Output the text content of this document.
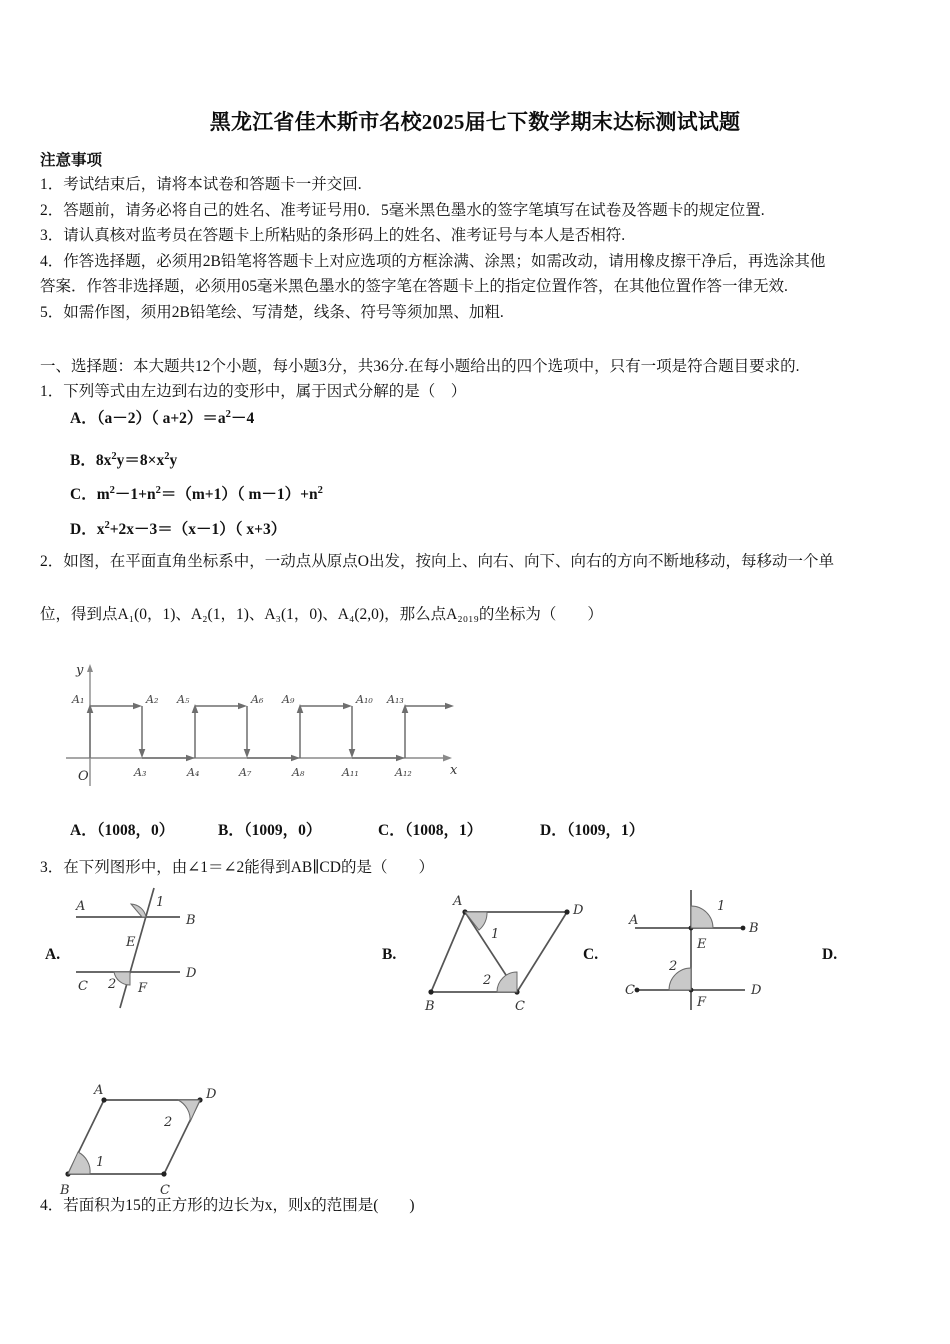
黑龙江省佳木斯市名校2025届七下数学期末达标测试试题
注意事项
1．考试结束后，请将本试卷和答题卡一并交回.
2．答题前，请务必将自己的姓名、准考证号用0．5毫米黑色墨水的签字笔填写在试卷及答题卡的规定位置.
3．请认真核对监考员在答题卡上所粘贴的条形码上的姓名、准考证号与本人是否相符.
4．作答选择题，必须用2B铅笔将答题卡上对应选项的方框涂满、涂黑；如需改动，请用橡皮擦干净后，再选涂其他
答案．作答非选择题，必须用05毫米黑色墨水的签字笔在答题卡上的指定位置作答，在其他位置作答一律无效.
5．如需作图，须用2B铅笔绘、写清楚，线条、符号等须加黑、加粗.
一、选择题：本大题共12个小题，每小题3分，共36分.在每小题给出的四个选项中，只有一项是符合题目要求的.
1．下列等式由左边到右边的变形中，属于因式分解的是（　）
A．（a－2）（ $a+2)=a^2-4$
B．$8x^2y=8\times x^2y$
C．$m^2-1+n^2=(m+1)$（ $m-1)+n^2$
D．$x^2+2x-3=(x-1)$（ x+3）
2．如图，在平面直角坐标系中，一动点从原点O出发，按向上、向右、向下、向右的方向不断地移动，每移动一个单
位，得到点A₁(0，1)、A₂(1，1)、A₃(1，0)、A₄(2,0)，那么点A₂₀₁₉的坐标为（　　）
O
y
x
A₁	A₂
A₃	A₄
A₅	A₆
A₇	A₈
A₉	A₁₀
A₁₁	A₁₂
A₁₃
A．（1008，0）	B．（1009，0）	C．（1008，1）	D．（1009，1）
3．在下列图形中，由∠1＝∠2能得到AB∥CD的是（　　）
A.	B.	C.	D.
A
B
C
D
E
F
1
2
A
D
B	C
1
2
A
B
C	D
E
F
1
2
A	D
B	C
1
2
4．若面积为15的正方形的边长为x，则x的范围是(　　)
